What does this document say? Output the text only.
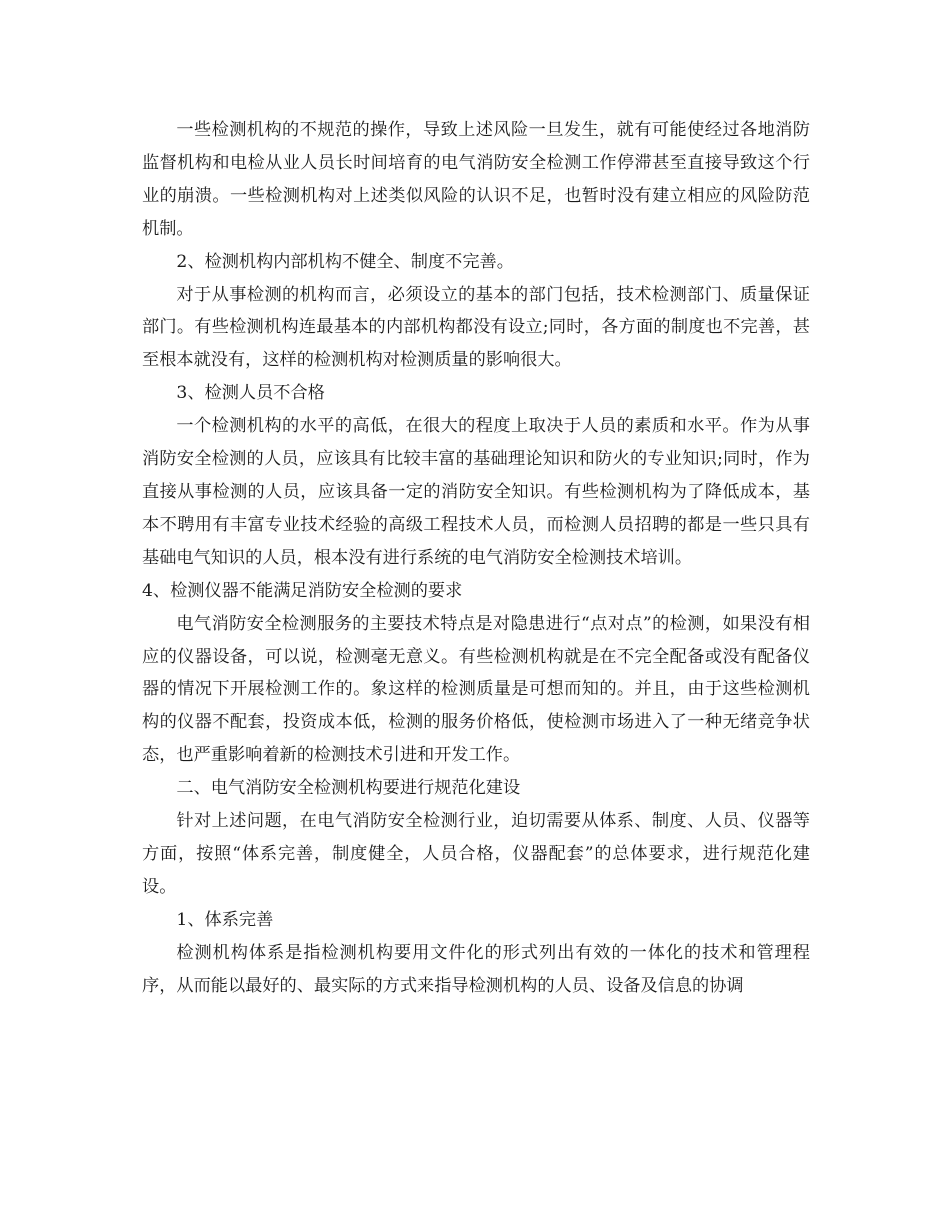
一些检测机构的不规范的操作，导致上述风险一旦发生，就有可能使经过各地消防监督机构和电检从业人员长时间培育的电气消防安全检测工作停滞甚至直接导致这个行业的崩溃。一些检测机构对上述类似风险的认识不足，也暂时没有建立相应的风险防范机制。

2、检测机构内部机构不健全、制度不完善。

对于从事检测的机构而言，必须设立的基本的部门包括，技术检测部门、质量保证部门。有些检测机构连最基本的内部机构都没有设立;同时，各方面的制度也不完善，甚至根本就没有，这样的检测机构对检测质量的影响很大。

3、检测人员不合格

一个检测机构的水平的高低，在很大的程度上取决于人员的素质和水平。作为从事消防安全检测的人员，应该具有比较丰富的基础理论知识和防火的专业知识;同时，作为直接从事检测的人员，应该具备一定的消防安全知识。有些检测机构为了降低成本，基本不聘用有丰富专业技术经验的高级工程技术人员，而检测人员招聘的都是一些只具有基础电气知识的人员，根本没有进行系统的电气消防安全检测技术培训。

4、检测仪器不能满足消防安全检测的要求

电气消防安全检测服务的主要技术特点是对隐患进行“点对点”的检测，如果没有相应的仪器设备，可以说，检测毫无意义。有些检测机构就是在不完全配备或没有配备仪器的情况下开展检测工作的。象这样的检测质量是可想而知的。并且，由于这些检测机构的仪器不配套，投资成本低，检测的服务价格低，使检测市场进入了一种无绪竞争状态，也严重影响着新的检测技术引进和开发工作。

二、电气消防安全检测机构要进行规范化建设

针对上述问题，在电气消防安全检测行业，迫切需要从体系、制度、人员、仪器等方面，按照“体系完善，制度健全，人员合格，仪器配套”的总体要求，进行规范化建设。

1、体系完善

检测机构体系是指检测机构要用文件化的形式列出有效的一体化的技术和管理程序，从而能以最好的、最实际的方式来指导检测机构的人员、设备及信息的协调
